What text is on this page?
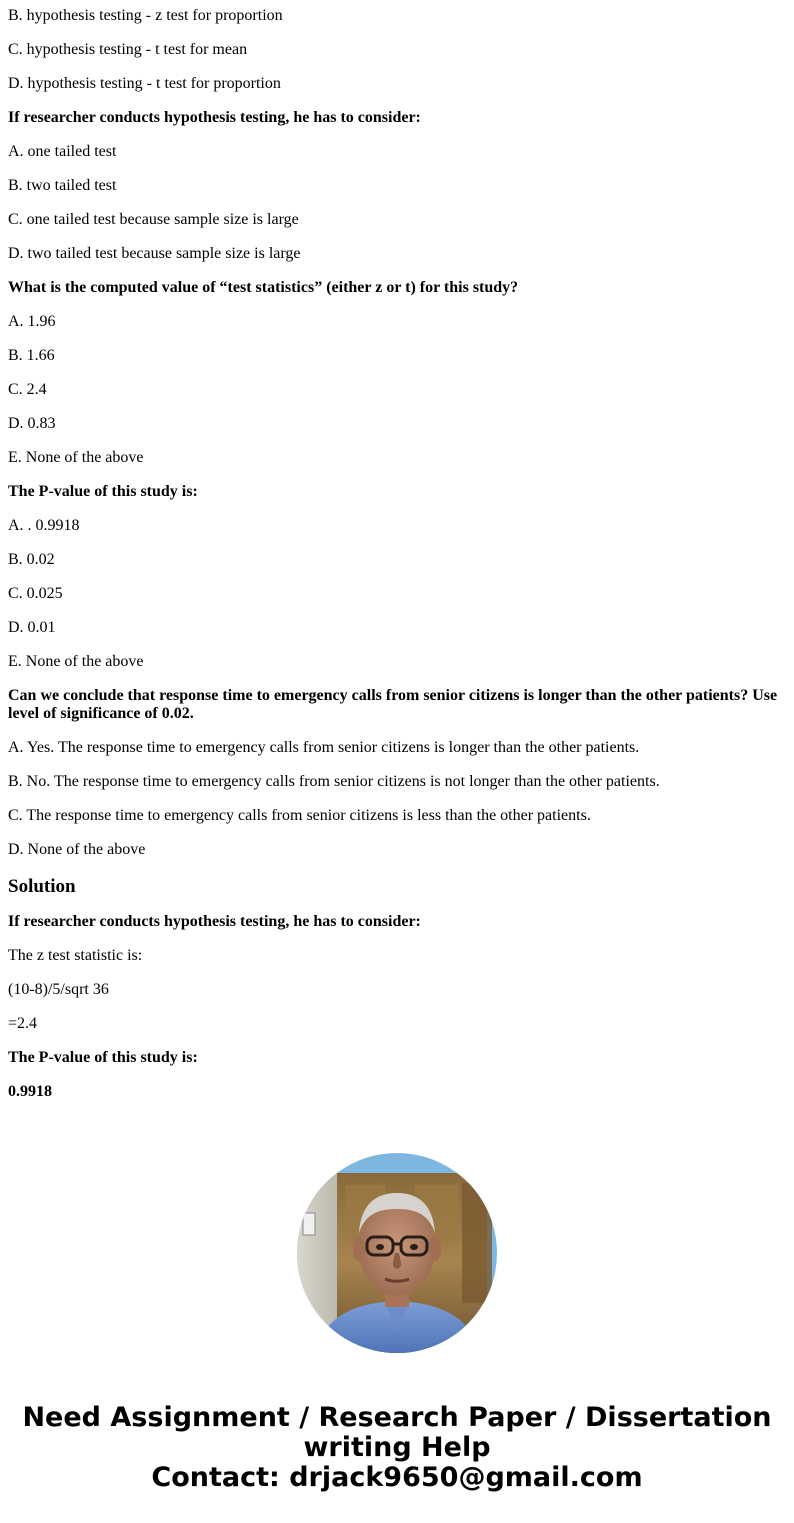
B. hypothesis testing - z test for proportion

C. hypothesis testing - t test for mean

D. hypothesis testing - t test for proportion

If researcher conducts hypothesis testing, he has to consider:

A. one tailed test

B. two tailed test

C. one tailed test because sample size is large

D. two tailed test because sample size is large

What is the computed value of “test statistics” (either z or t) for this study?

A. 1.96

B. 1.66

C. 2.4

D. 0.83

E. None of the above

The P-value of this study is:

A. . 0.9918

B. 0.02

C. 0.025

D. 0.01

E. None of the above

Can we conclude that response time to emergency calls from senior citizens is longer than the other patients? Use level of significance of 0.02.

A. Yes. The response time to emergency calls from senior citizens is longer than the other patients.

B. No. The response time to emergency calls from senior citizens is not longer than the other patients.

C. The response time to emergency calls from senior citizens is less than the other patients.

D. None of the above

Solution

If researcher conducts hypothesis testing, he has to consider:

The z test statistic is:

(10-8)/5/sqrt 36

=2.4

The P-value of this study is:

0.9918

Need Assignment / Research Paper / Dissertation
writing Help
Contact: drjack9650@gmail.com
